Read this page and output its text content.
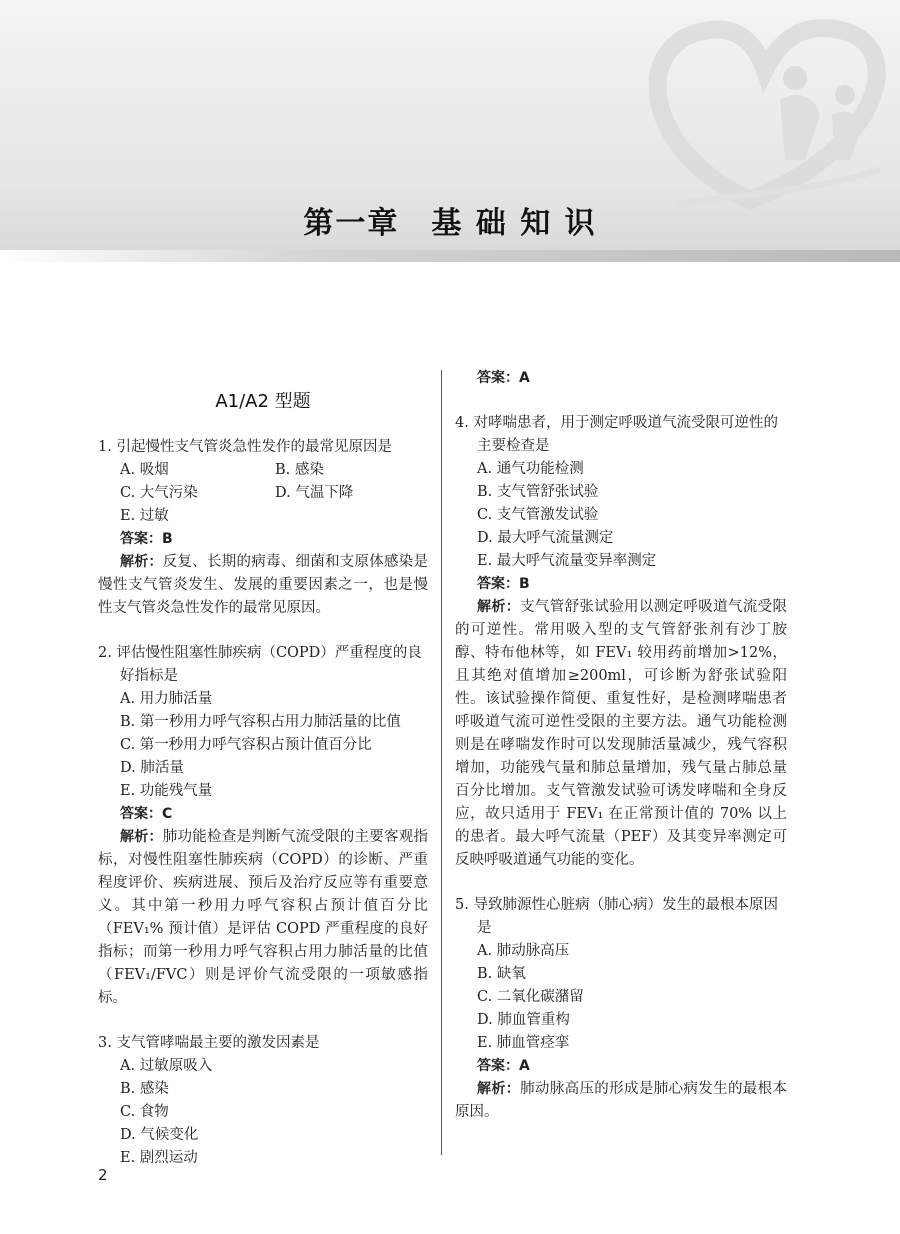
第一章　基 础 知 识
A1/A2 型题

1. 引起慢性支气管炎急性发作的最常见原因是

A. 吸烟	B. 感染
C. 大气污染	D. 气温下降
E. 过敏

答案：B

解析：反复、长期的病毒、细菌和支原体感染是慢性支气管炎发生、发展的重要因素之一，也是慢性支气管炎急性发作的最常见原因。

2. 评估慢性阻塞性肺疾病（COPD）严重程度的良好指标是

A. 用力肺活量
B. 第一秒用力呼气容积占用力肺活量的比值
C. 第一秒用力呼气容积占预计值百分比
D. 肺活量
E. 功能残气量

答案：C

解析：肺功能检查是判断气流受限的主要客观指标，对慢性阻塞性肺疾病（COPD）的诊断、严重程度评价、疾病进展、预后及治疗反应等有重要意义。其中第一秒用力呼气容积占预计值百分比（FEV₁% 预计值）是评估 COPD 严重程度的良好指标；而第一秒用力呼气容积占用力肺活量的比值（FEV₁/FVC）则是评价气流受限的一项敏感指标。

3. 支气管哮喘最主要的激发因素是

A. 过敏原吸入
B. 感染
C. 食物
D. 气候变化
E. 剧烈运动

答案：A

4. 对哮喘患者，用于测定呼吸道气流受限可逆性的主要检查是

A. 通气功能检测
B. 支气管舒张试验
C. 支气管激发试验
D. 最大呼气流量测定
E. 最大呼气流量变异率测定

答案：B

解析：支气管舒张试验用以测定呼吸道气流受限的可逆性。常用吸入型的支气管舒张剂有沙丁胺醇、特布他林等，如 FEV₁ 较用药前增加>12%，且其绝对值增加≥200ml，可诊断为舒张试验阳性。该试验操作简便、重复性好，是检测哮喘患者呼吸道气流可逆性受限的主要方法。通气功能检测则是在哮喘发作时可以发现肺活量减少，残气容积增加，功能残气量和肺总量增加，残气量占肺总量百分比增加。支气管激发试验可诱发哮喘和全身反应，故只适用于 FEV₁ 在正常预计值的 70% 以上的患者。最大呼气流量（PEF）及其变异率测定可反映呼吸道通气功能的变化。

5. 导致肺源性心脏病（肺心病）发生的最根本原因是

A. 肺动脉高压
B. 缺氧
C. 二氧化碳潴留
D. 肺血管重构
E. 肺血管痉挛

答案：A

解析：肺动脉高压的形成是肺心病发生的最根本原因。

2
